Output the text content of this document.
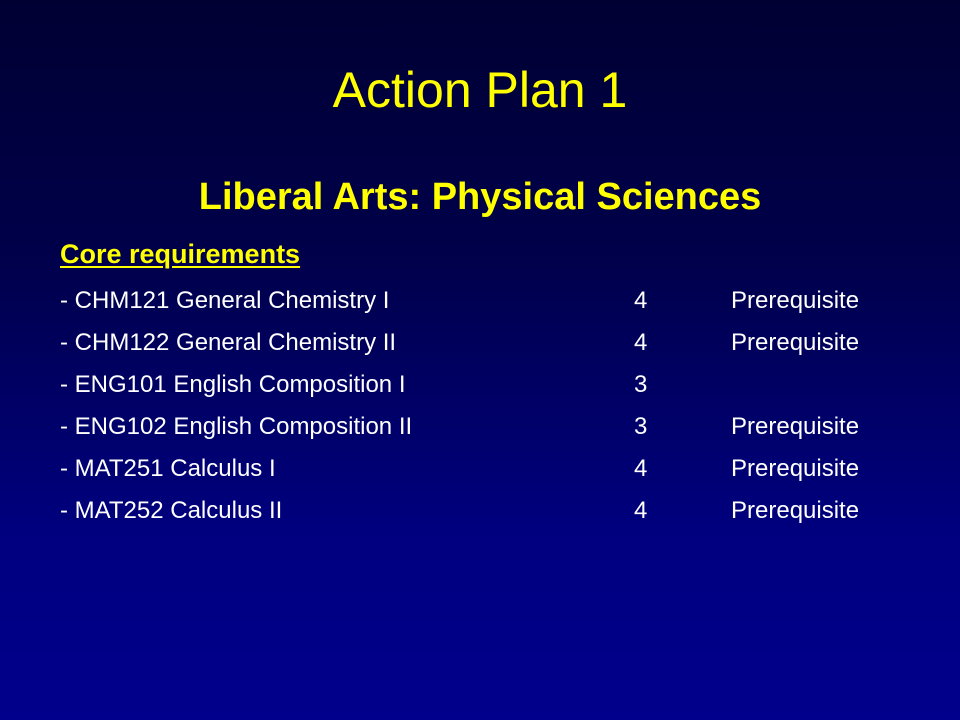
Action Plan 1
Liberal Arts: Physical Sciences
Core requirements
- CHM121 General Chemistry I	4	Prerequisite
- CHM122 General Chemistry II	4	Prerequisite
- ENG101 English Composition I	3
- ENG102 English Composition II	3	Prerequisite
- MAT251 Calculus I	4	Prerequisite
- MAT252 Calculus II	4	Prerequisite
